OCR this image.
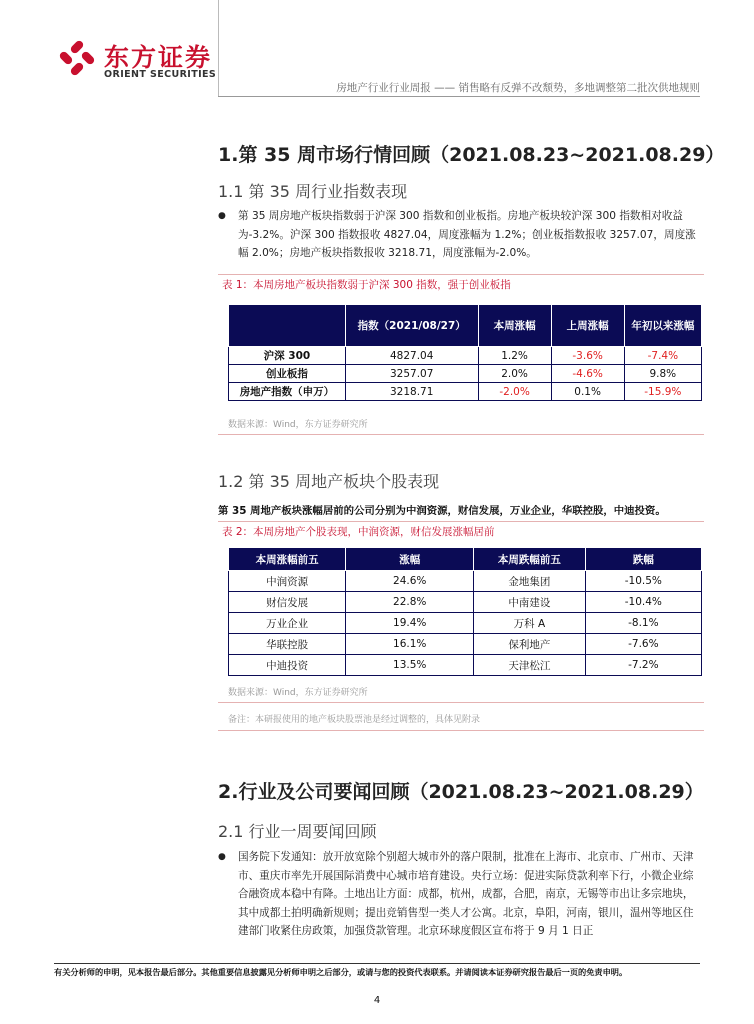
东方证券
ORIENT SECURITIES
房地产行业行业周报 —— 销售略有反弹不改颓势，多地调整第二批次供地规则
1.第 35 周市场行情回顾（2021.08.23~2021.08.29）
1.1 第 35 周行业指数表现
●	第 35 周房地产板块指数弱于沪深 300 指数和创业板指。房地产板块较沪深 300 指数相对收益为-3.2%。沪深 300 指数报收 4827.04，周度涨幅为 1.2%；创业板指数报收 3257.07，周度涨幅 2.0%；房地产板块指数报收 3218.71，周度涨幅为-2.0%。
表 1：本周房地产板块指数弱于沪深 300 指数，强于创业板指
	指数（2021/08/27）	本周涨幅	上周涨幅	年初以来涨幅
沪深 300	4827.04	1.2%	-3.6%	-7.4%
创业板指	3257.07	2.0%	-4.6%	9.8%
房地产指数（申万）	3218.71	-2.0%	0.1%	-15.9%
数据来源：Wind，东方证券研究所
1.2 第 35 周地产板块个股表现
第 35 周地产板块涨幅居前的公司分别为中润资源，财信发展，万业企业，华联控股，中迪投资。
表 2：本周房地产个股表现，中润资源，财信发展涨幅居前
本周涨幅前五	涨幅	本周跌幅前五	跌幅
中润资源	24.6%	金地集团	-10.5%
财信发展	22.8%	中南建设	-10.4%
万业企业	19.4%	万科 A	-8.1%
华联控股	16.1%	保利地产	-7.6%
中迪投资	13.5%	天津松江	-7.2%
数据来源：Wind，东方证券研究所
备注：本研报使用的地产板块股票池是经过调整的，具体见附录
2.行业及公司要闻回顾（2021.08.23~2021.08.29）
2.1 行业一周要闻回顾
●	国务院下发通知：放开放宽除个别超大城市外的落户限制，批准在上海市、北京市、广州市、天津市、重庆市率先开展国际消费中心城市培育建设。央行立场：促进实际贷款利率下行，小微企业综合融资成本稳中有降。土地出让方面：成都，杭州，成都，合肥，南京，无锡等市出让多宗地块，其中成都土拍明确新规则；提出竞销售型一类人才公寓。北京，阜阳，河南，银川，温州等地区住建部门收紧住房政策，加强贷款管理。北京环球度假区宣布将于 9 月 1 日正
有关分析师的申明，见本报告最后部分。其他重要信息披露见分析师申明之后部分，或请与您的投资代表联系。并请阅读本证券研究报告最后一页的免责申明。
4
